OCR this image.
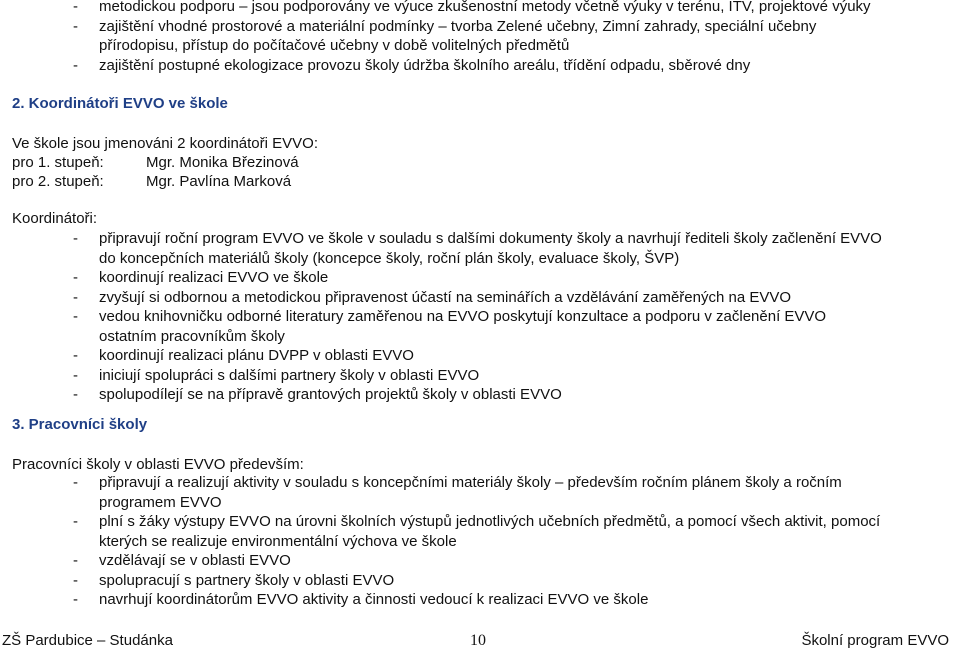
- metodickou podporu – jsou podporovány ve výuce zkušenostní metody včetně výuky v terénu, ITV, projektové výuky
- zajištění vhodné prostorové a materiální podmínky – tvorba Zelené učebny, Zimní zahrady, speciální učebny
přírodopisu, přístup do počítačové učebny v době volitelných předmětů
- zajištění postupné ekologizace provozu školy údržba školního areálu, třídění odpadu, sběrové dny
2. Koordinátoři EVVO ve škole
Ve škole jsou jmenováni 2 koordinátoři EVVO:
pro 1. stupeň:	Mgr. Monika Březinová
pro 2. stupeň:	Mgr. Pavlína Marková
Koordinátoři:
- připravují roční program EVVO ve škole v souladu s dalšími dokumenty školy a navrhují řediteli školy začlenění EVVO
do koncepčních materiálů školy (koncepce školy, roční plán školy, evaluace školy, ŠVP)
- koordinují realizaci EVVO ve škole
- zvyšují si odbornou a metodickou připravenost účastí na seminářích a vzdělávání zaměřených na EVVO
- vedou knihovničku odborné literatury zaměřenou na EVVO poskytují konzultace a podporu v začlenění EVVO
ostatním pracovníkům školy
- koordinují realizaci plánu DVPP v oblasti EVVO
- iniciují spolupráci s dalšími partnery školy v oblasti EVVO
- spolupodílejí se na přípravě grantových projektů školy v oblasti EVVO
3. Pracovníci školy
Pracovníci školy v oblasti EVVO především:
- připravují a realizují aktivity v souladu s koncepčními materiály školy – především ročním plánem školy a ročním
programem EVVO
- plní s žáky výstupy EVVO na úrovni školních výstupů jednotlivých učebních předmětů, a pomocí všech aktivit, pomocí
kterých se realizuje environmentální výchova ve škole
- vzdělávají se v oblasti EVVO
- spolupracují s partnery školy v oblasti EVVO
- navrhují koordinátorům EVVO aktivity a činnosti vedoucí k realizaci EVVO ve škole
ZŠ Pardubice – Studánka	10	Školní program EVVO
